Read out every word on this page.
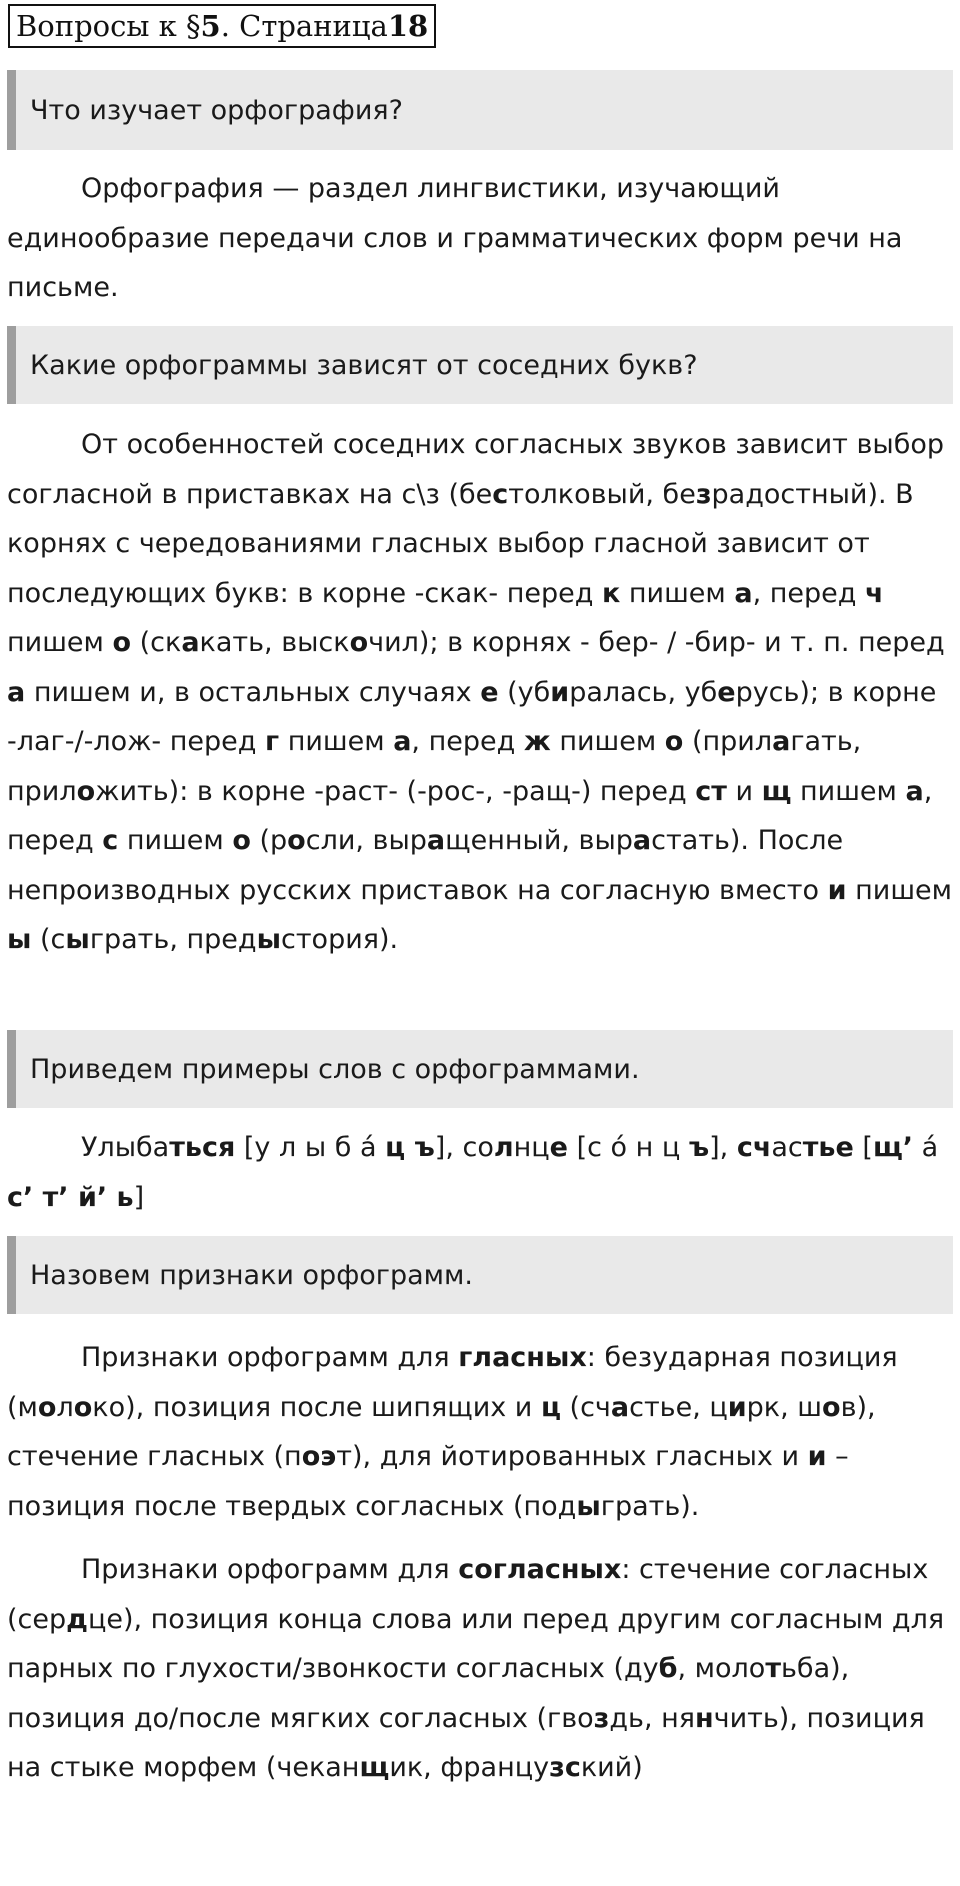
Вопросы к § 5 . Страница 18
Что изучает орфография?

Орфография — раздел лингвистики, изучающий единообразие передачи слов и грамматических форм речи на письме.

Какие орфограммы зависят от соседних букв?

От особенностей соседних согласных звуков зависит выбор согласной в приставках на с\з (бестолковый, безрадостный). В корнях с чередованиями гласных выбор гласной зависит от последующих букв: в корне -скак- перед к пишем а, перед ч пишем о (скакать, выскочил); в корнях - бер- / -бир- и т. п. перед а пишем и, в остальных случаях е (убиралась, уберусь); в корне -лаг-/-лож- перед г пишем а, перед ж пишем о (прилагать, приложить): в корне -раст- (-рос-, -ращ-) перед ст и щ пишем а, перед с пишем о (росли, выращенный, вырастать). После непроизводных русских приставок на согласную вместо и пишем ы (сыграть, предыстория).

Приведем примеры слов с орфограммами.

Улыбаться [у л ы б а́ ц ъ], солнце [с о́ н ц ъ], счастье [щ’ а́ с’ т’ й’ ь]

Назовем признаки орфограмм.

Признаки орфограмм для гласных: безударная позиция (молоко), позиция после шипящих и ц (счастье, цирк, шов), стечение гласных (поэт), для йотированных гласных и и – позиция после твердых согласных (подыграть).

Признаки орфограмм для согласных: стечение согласных (сердце), позиция конца слова или перед другим согласным для парных по глухости/звонкости согласных (дуб, молотьба), позиция до/после мягких согласных (гвоздь, нянчить), позиция на стыке морфем (чеканщик, французский)
